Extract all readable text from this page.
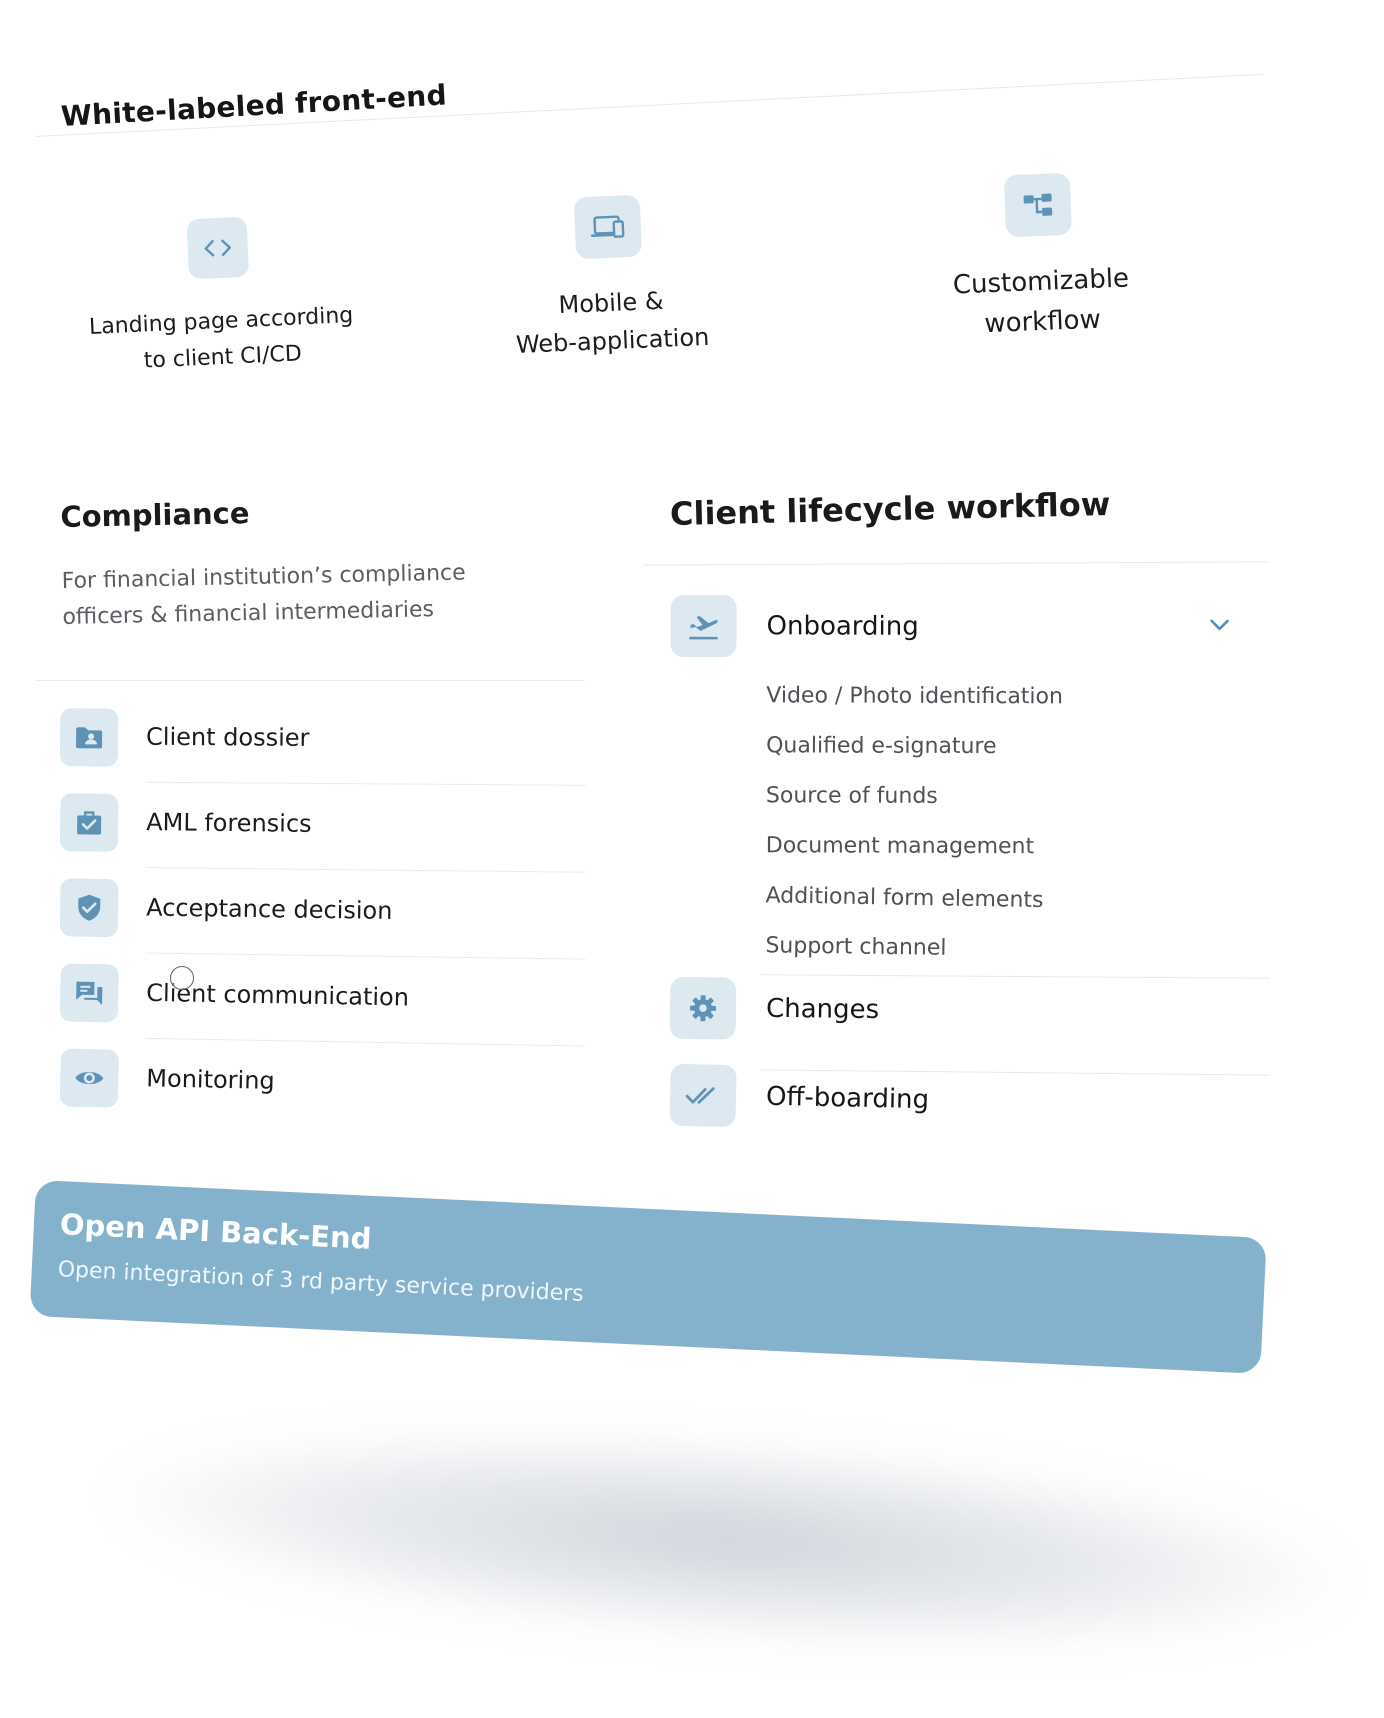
White-labeled front-end
Landing page according
to client CI/CD
Mobile &
Web-application
Customizable
workflow
Compliance
For financial institution’s compliance officers & financial intermediaries
Client dossier
AML forensics
Acceptance decision
Client communication
Monitoring
Client lifecycle workflow
Onboarding
Video / Photo identification
Qualified e-signature
Source of funds
Document management
Additional form elements
Support channel
Changes
Off-boarding
Open API Back-End
Open integration of 3 rd party service providers
